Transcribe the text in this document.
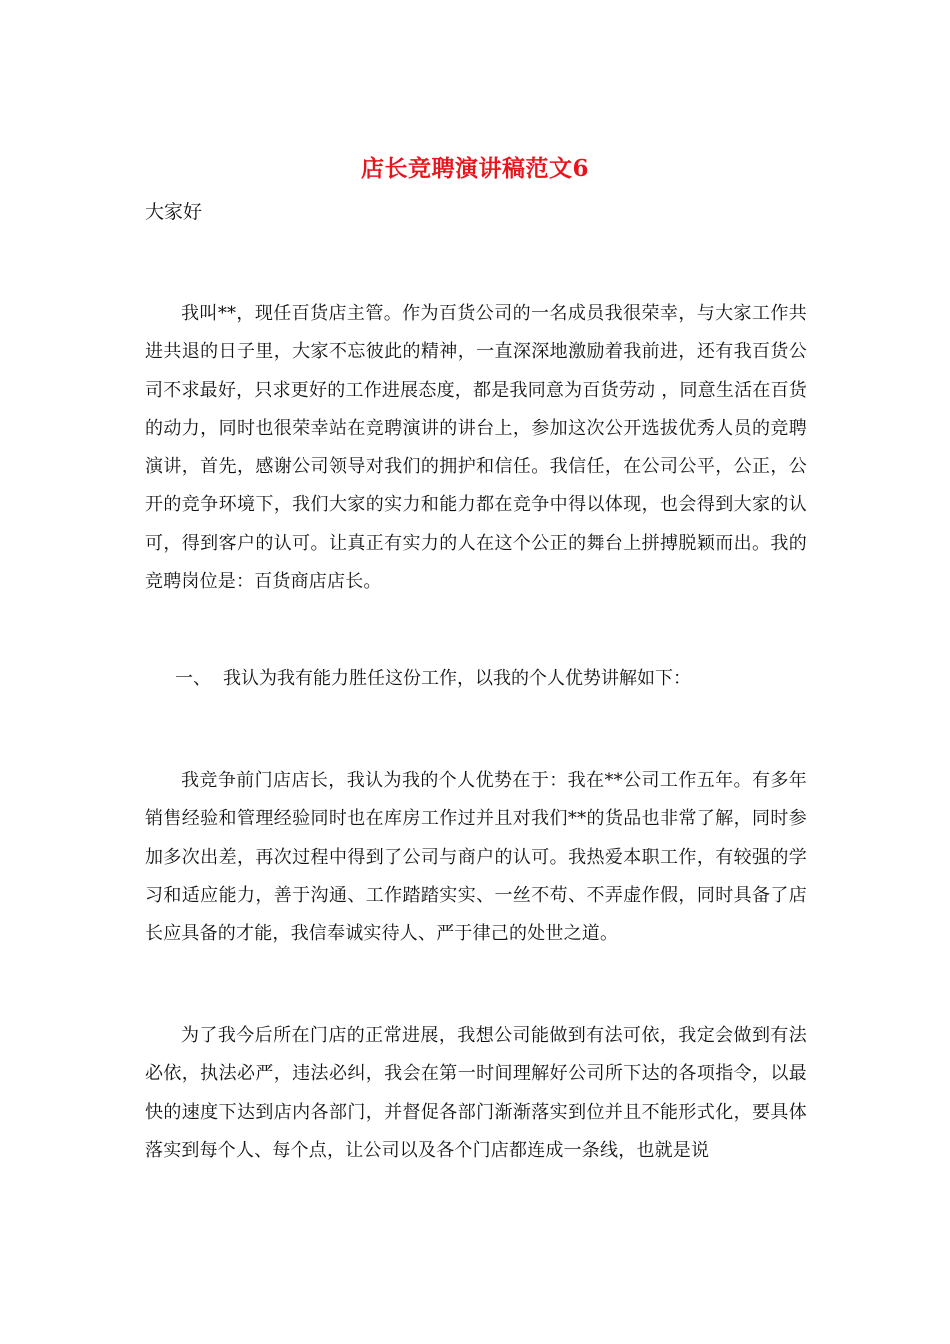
店长竞聘演讲稿范文6
大家好

我叫**，现任百货店主管。作为百货公司的一名成员我很荣幸，与大家工作共进共退的日子里，大家不忘彼此的精神，一直深深地激励着我前进，还有我百货公司不求最好，只求更好的工作进展态度，都是我同意为百货劳动 ，同意生活在百货的动力，同时也很荣幸站在竞聘演讲的讲台上，参加这次公开选拔优秀人员的竞聘演讲，首先，感谢公司领导对我们的拥护和信任。我信任，在公司公平，公正，公开的竞争环境下，我们大家的实力和能力都在竞争中得以体现，也会得到大家的认可，得到客户的认可。让真正有实力的人在这个公正的舞台上拼搏脱颖而出。我的竞聘岗位是：百货商店店长。

一、 我认为我有能力胜任这份工作，以我的个人优势讲解如下：

我竞争前门店店长，我认为我的个人优势在于：我在**公司工作五年。有多年销售经验和管理经验同时也在库房工作过并且对我们**的货品也非常了解，同时参加多次出差，再次过程中得到了公司与商户的认可。我热爱本职工作，有较强的学习和适应能力，善于沟通、工作踏踏实实、一丝不苟、不弄虚作假，同时具备了店长应具备的才能，我信奉诚实待人、严于律己的处世之道。

为了我今后所在门店的正常进展，我想公司能做到有法可依，我定会做到有法必依，执法必严，违法必纠，我会在第一时间理解好公司所下达的各项指令，以最快的速度下达到店内各部门，并督促各部门渐渐落实到位并且不能形式化，要具体落实到每个人、每个点，让公司以及各个门店都连成一条线，也就是说
